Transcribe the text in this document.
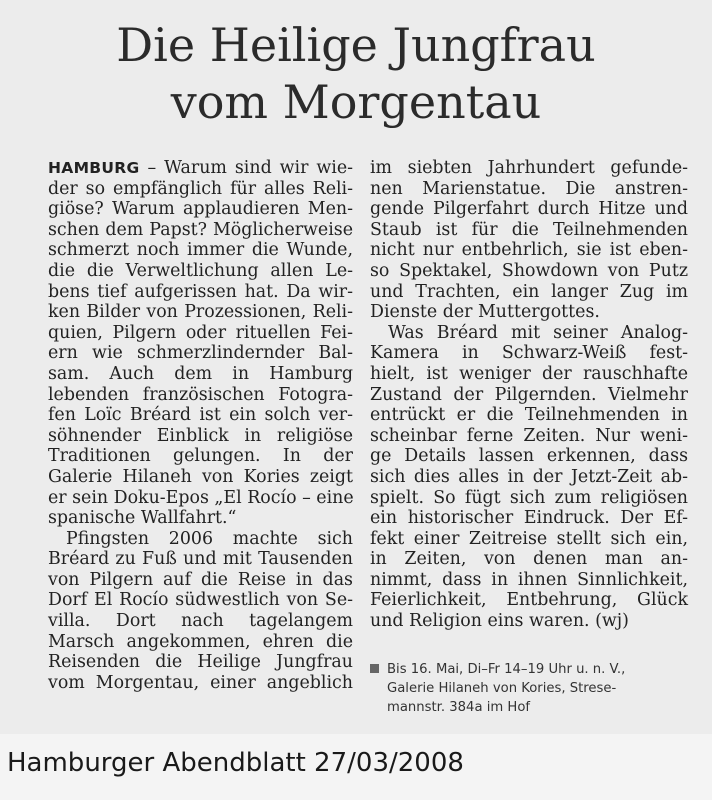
Die Heilige Jungfrau
vom Morgentau
HAMBURG – Warum sind wir wie-
der so empfänglich für alles Reli-
giöse? Warum applaudieren Men-
schen dem Papst? Möglicherweise
schmerzt noch immer die Wunde,
die die Verweltlichung allen Le-
bens tief aufgerissen hat. Da wir-
ken Bilder von Prozessionen, Reli-
quien, Pilgern oder rituellen Fei-
ern wie schmerzlindernder Bal-
sam. Auch dem in Hamburg
lebenden französischen Fotogra-
fen Loïc Bréard ist ein solch ver-
söhnender Einblick in religiöse
Traditionen gelungen. In der
Galerie Hilaneh von Kories zeigt
er sein Doku-Epos „El Rocío – eine
spanische Wallfahrt.“
Pfingsten 2006 machte sich
Bréard zu Fuß und mit Tausenden
von Pilgern auf die Reise in das
Dorf El Rocío südwestlich von Se-
villa. Dort nach tagelangem
Marsch angekommen, ehren die
Reisenden die Heilige Jungfrau
vom Morgentau, einer angeblich
im siebten Jahrhundert gefunde-
nen Marienstatue. Die anstren-
gende Pilgerfahrt durch Hitze und
Staub ist für die Teilnehmenden
nicht nur entbehrlich, sie ist eben-
so Spektakel, Showdown von Putz
und Trachten, ein langer Zug im
Dienste der Muttergottes.
Was Bréard mit seiner Analog-
Kamera in Schwarz-Weiß fest-
hielt, ist weniger der rauschhafte
Zustand der Pilgernden. Vielmehr
entrückt er die Teilnehmenden in
scheinbar ferne Zeiten. Nur weni-
ge Details lassen erkennen, dass
sich dies alles in der Jetzt-Zeit ab-
spielt. So fügt sich zum religiösen
ein historischer Eindruck. Der Ef-
fekt einer Zeitreise stellt sich ein,
in Zeiten, von denen man an-
nimmt, dass in ihnen Sinnlichkeit,
Feierlichkeit, Entbehrung, Glück
und Religion eins waren. (wj)
Bis 16. Mai, Di–Fr 14–19 Uhr u. n. V.,
Galerie Hilaneh von Kories, Strese-
mannstr. 384a im Hof
Hamburger Abendblatt 27/03/2008
